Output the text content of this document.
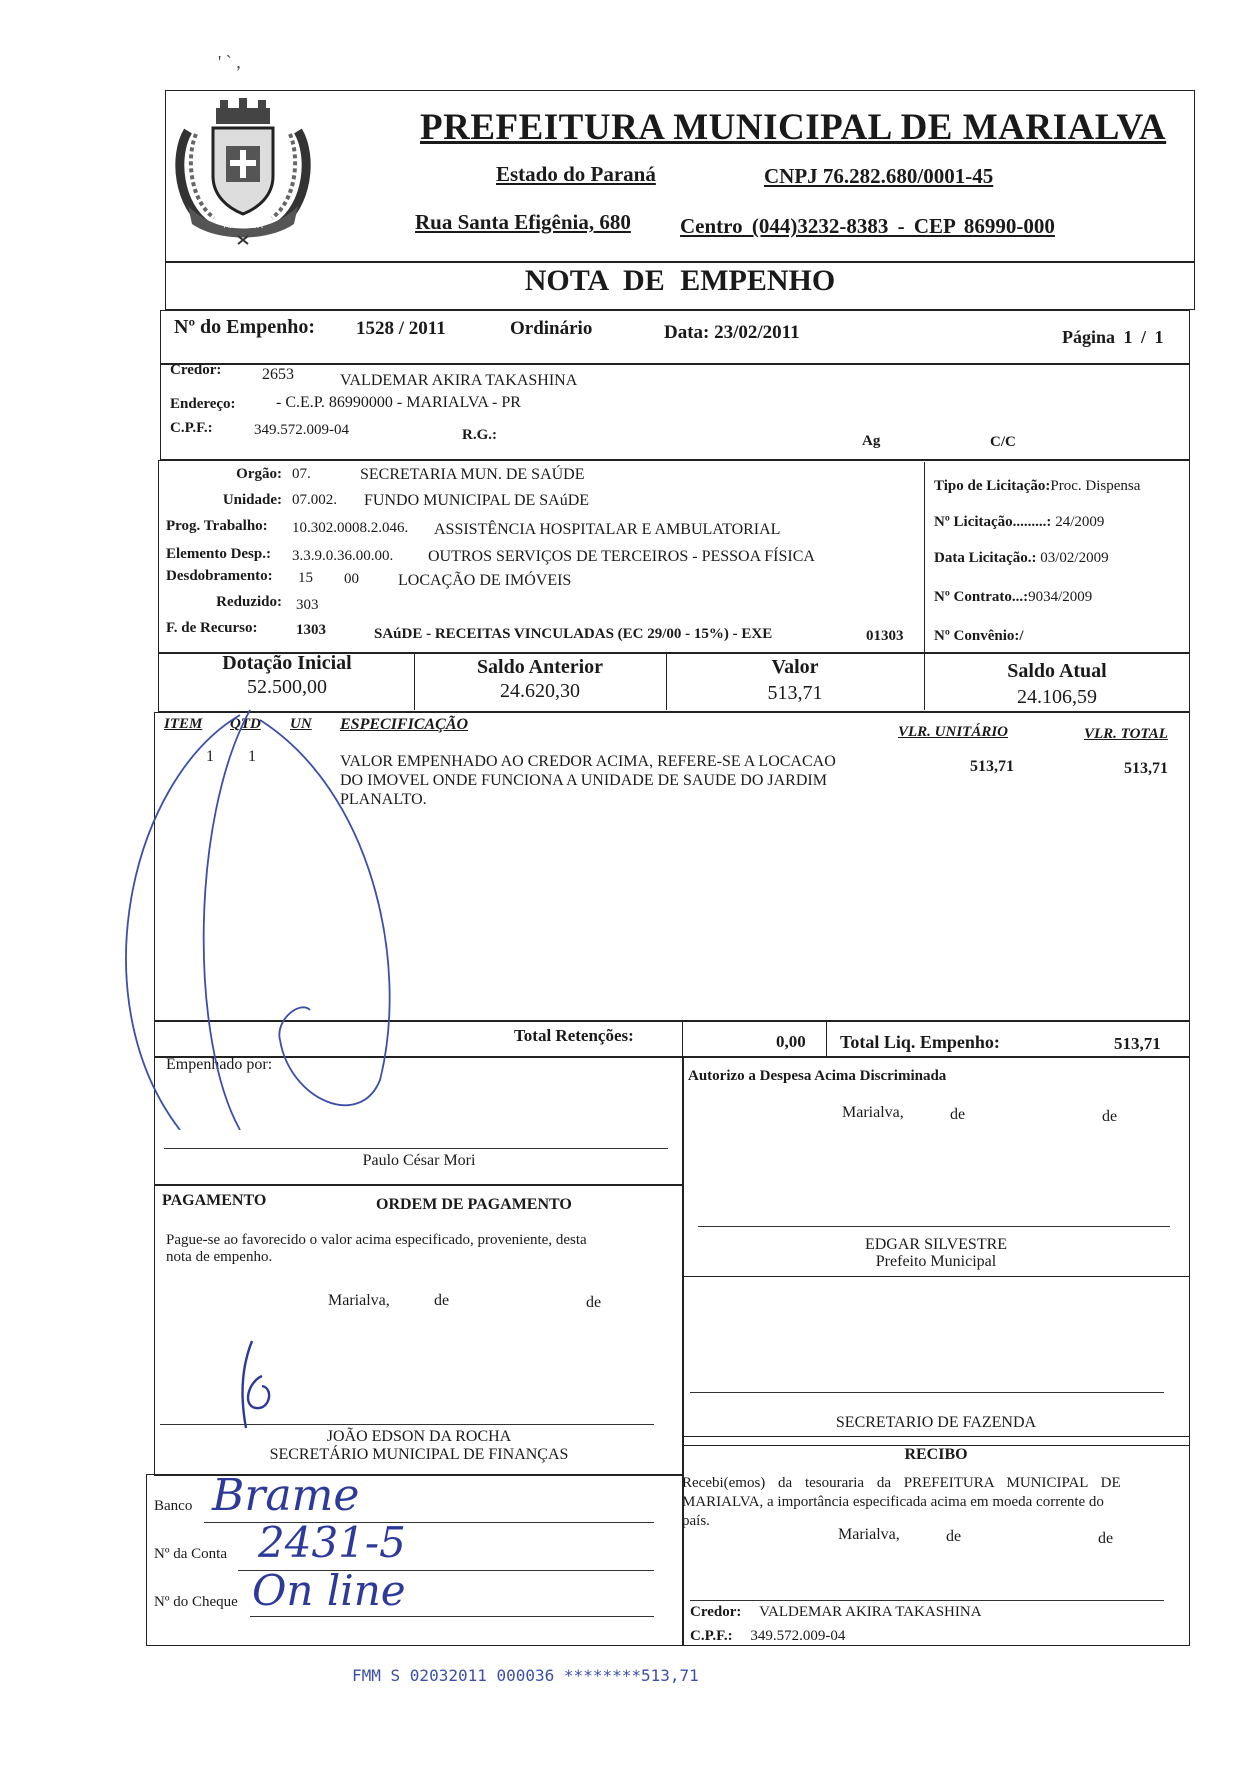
' ` ,
MARIALVA
PREFEITURA MUNICIPAL DE MARIALVA
Estado do Paraná	CNPJ 76.282.680/0001-45
Rua Santa Efigênia, 680 Centro (044)3232-8383 - CEP 86990-000
NOTA DE EMPENHO
Nº do Empenho: 1528 / 2011	Ordinário	Data: 23/02/2011	Página 1 / 1
Credor:	2653	VALDEMAR AKIRA TAKASHINA
Endereço:	- C.E.P. 86990000 - MARIALVA - PR
C.P.F.:	349.572.009-04	R.G.:	Ag	C/C
Orgão: 07.	SECRETARIA MUN. DE SAÚDE
Unidade: 07.002. FUNDO MUNICIPAL DE SAúDE
Prog. Trabalho: 10.302.0008.2.046. ASSISTÊNCIA HOSPITALAR E AMBULATORIAL
Elemento Desp.: 3.3.9.0.36.00.00. OUTROS SERVIÇOS DE TERCEIROS - PESSOA FÍSICA
Desdobramento: 15 00 LOCAÇÃO DE IMÓVEIS
Reduzido: 303
F. de Recurso:	1303	SAúDE - RECEITAS VINCULADAS (EC 29/00 - 15%) - EXE	01303
Tipo de Licitação:Proc. Dispensa
Nº Licitação.........: 24/2009
Data Licitação.: 03/02/2009
Nº Contrato...:9034/2009
Nº Convênio:/
Dotação Inicial
52.500,00
Saldo Anterior
24.620,30
Valor
513,71
Saldo Atual
24.106,59
ITEM QTD UN ESPECIFICAÇÃO	VLR. UNITÁRIO	VLR. TOTAL
1 1	VALOR EMPENHADO AO CREDOR ACIMA, REFERE-SE A LOCACAO
DO IMOVEL ONDE FUNCIONA A UNIDADE DE SAUDE DO JARDIM
PLANALTO.
513,71	513,71
Total Retenções:	0,00 Total Liq. Empenho:	513,71
Empenhado por:
Paulo César Mori
Autorizo a Despesa Acima Discriminada
Marialva,	de	de
EDGAR SILVESTRE
Prefeito Municipal
SECRETARIO DE FAZENDA
PAGAMENTO	ORDEM DE PAGAMENTO
Pague-se ao favorecido o valor acima especificado, proveniente, desta
nota de empenho.
Marialva,	de	de
JOÃO EDSON DA ROCHA
SECRETÁRIO MUNICIPAL DE FINANÇAS	RECIBO
Recebi(emos) da tesouraria da PREFEITURA MUNICIPAL DE
MARIALVA, a importância especificada acima em moeda corrente do
país.
Marialva,	de	de
Credor: VALDEMAR AKIRA TAKASHINA
C.P.F.: 349.572.009-04
Banco Brame
Nº da Conta 2431-5
Nº do Cheque On line
FMM S 02032011 000036 ********513,71
